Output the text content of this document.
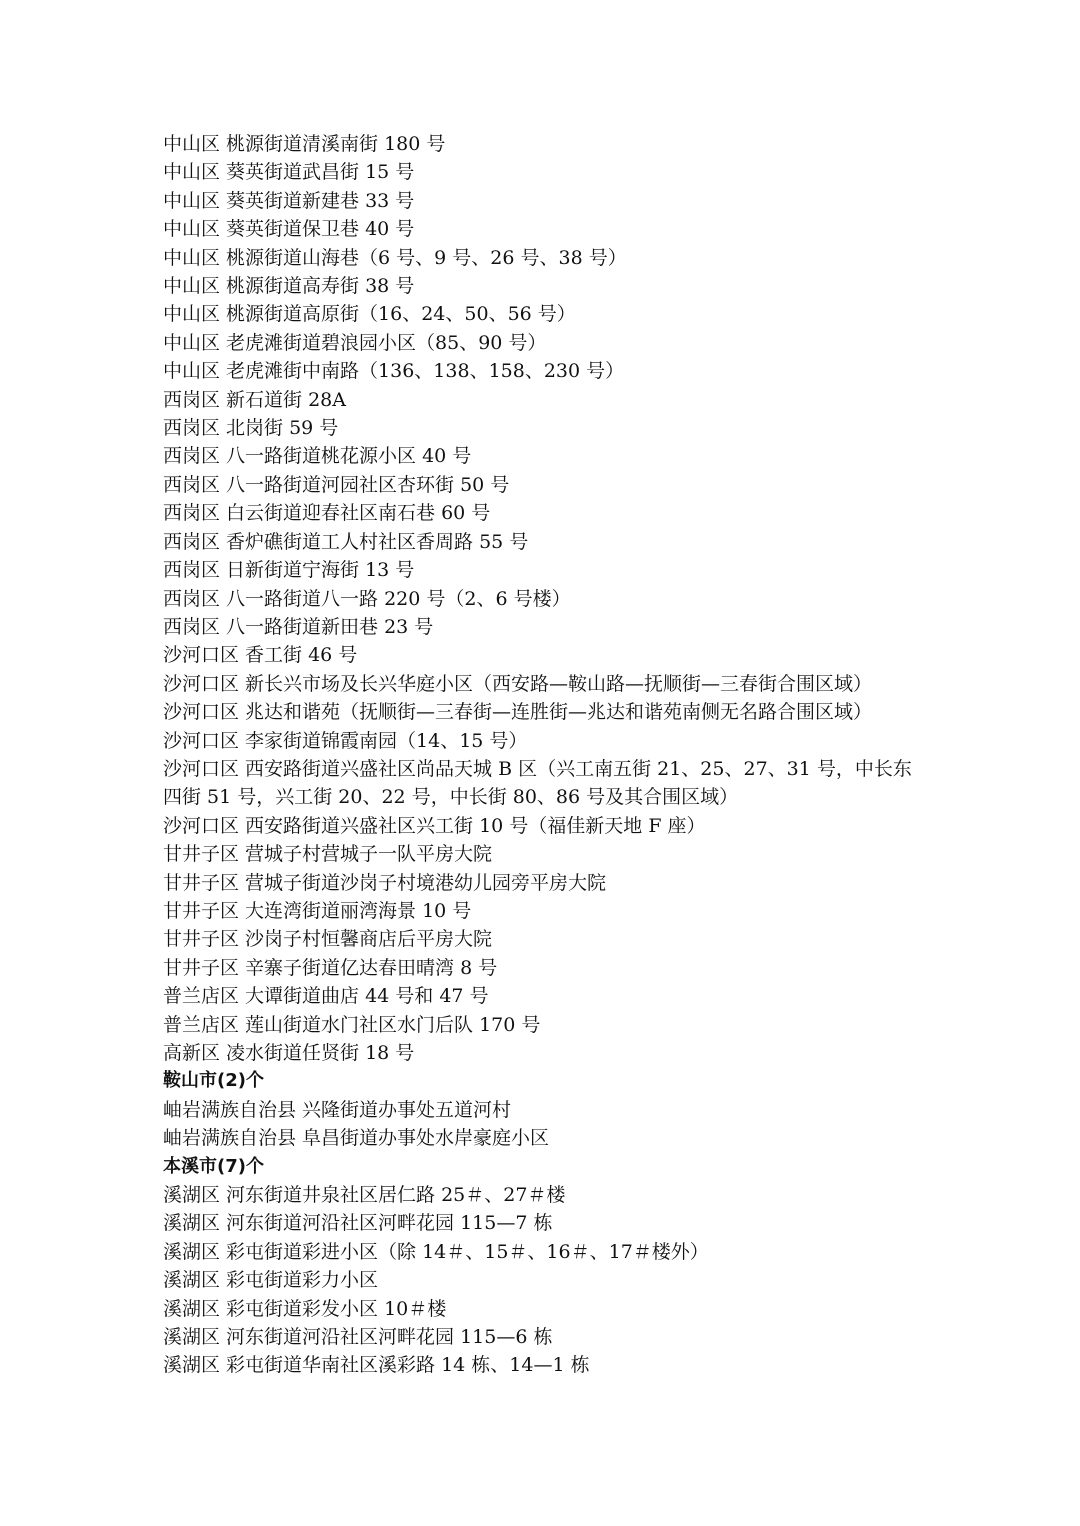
中山区 桃源街道清溪南街 180 号
中山区 葵英街道武昌街 15 号
中山区 葵英街道新建巷 33 号
中山区 葵英街道保卫巷 40 号
中山区 桃源街道山海巷（6 号、9 号、26 号、38 号）
中山区 桃源街道高寿街 38 号
中山区 桃源街道高原街（16、24、50、56 号）
中山区 老虎滩街道碧浪园小区（85、90 号）
中山区 老虎滩街中南路（136、138、158、230 号）
西岗区 新石道街 28A
西岗区 北岗街 59 号
西岗区 八一路街道桃花源小区 40 号
西岗区 八一路街道河园社区杏环街 50 号
西岗区 白云街道迎春社区南石巷 60 号
西岗区 香炉礁街道工人村社区香周路 55 号
西岗区 日新街道宁海街 13 号
西岗区 八一路街道八一路 220 号（2、6 号楼）
西岗区 八一路街道新田巷 23 号
沙河口区 香工街 46 号
沙河口区 新长兴市场及长兴华庭小区（西安路—鞍山路—抚顺街—三春街合围区域）
沙河口区 兆达和谐苑（抚顺街—三春街—连胜街—兆达和谐苑南侧无名路合围区域）
沙河口区 李家街道锦霞南园（14、15 号）
沙河口区 西安路街道兴盛社区尚品天城 B 区（兴工南五街 21、25、27、31 号，中长东四街 51 号，兴工街 20、22 号，中长街 80、86 号及其合围区域）
沙河口区 西安路街道兴盛社区兴工街 10 号（福佳新天地 F 座）
甘井子区 营城子村营城子一队平房大院
甘井子区 营城子街道沙岗子村境港幼儿园旁平房大院
甘井子区 大连湾街道丽湾海景 10 号
甘井子区 沙岗子村恒馨商店后平房大院
甘井子区 辛寨子街道亿达春田晴湾 8 号
普兰店区 大谭街道曲店 44 号和 47 号
普兰店区 莲山街道水门社区水门后队 170 号
高新区 凌水街道任贤街 18 号
鞍山市(2)个
岫岩满族自治县 兴隆街道办事处五道河村
岫岩满族自治县 阜昌街道办事处水岸豪庭小区
本溪市(7)个
溪湖区 河东街道井泉社区居仁路 25＃、27＃楼
溪湖区 河东街道河沿社区河畔花园 115—7 栋
溪湖区 彩屯街道彩进小区（除 14＃、15＃、16＃、17＃楼外）
溪湖区 彩屯街道彩力小区
溪湖区 彩屯街道彩发小区 10＃楼
溪湖区 河东街道河沿社区河畔花园 115—6 栋
溪湖区 彩屯街道华南社区溪彩路 14 栋、14—1 栋
